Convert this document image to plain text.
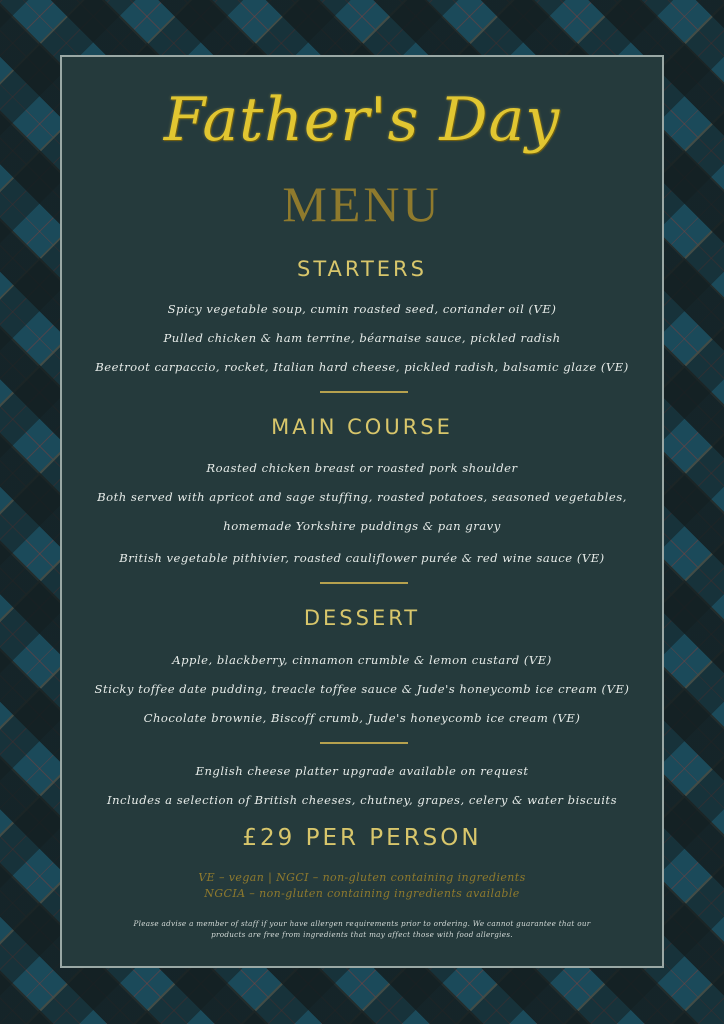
Father's Day
MENU
STARTERS
Spicy vegetable soup, cumin roasted seed, coriander oil (VE)
Pulled chicken & ham terrine, béarnaise sauce, pickled radish
Beetroot carpaccio, rocket, Italian hard cheese, pickled radish, balsamic glaze (VE)
MAIN COURSE
Roasted chicken breast or roasted pork shoulder
Both served with apricot and sage stuffing, roasted potatoes, seasoned vegetables,
homemade Yorkshire puddings & pan gravy
British vegetable pithivier, roasted cauliflower purée & red wine sauce (VE)
DESSERT
Apple, blackberry, cinnamon crumble & lemon custard (VE)
Sticky toffee date pudding, treacle toffee sauce & Jude's honeycomb ice cream (VE)
Chocolate brownie, Biscoff crumb, Jude's honeycomb ice cream (VE)
English cheese platter upgrade available on request
Includes a selection of British cheeses, chutney, grapes, celery & water biscuits
£29 PER PERSON
VE – vegan | NGCI – non-gluten containing ingredients
NGCIA – non-gluten containing ingredients available
Please advise a member of staff if your have allergen requirements prior to ordering. We cannot guarantee that our products are free from ingredients that may affect those with food allergies.
